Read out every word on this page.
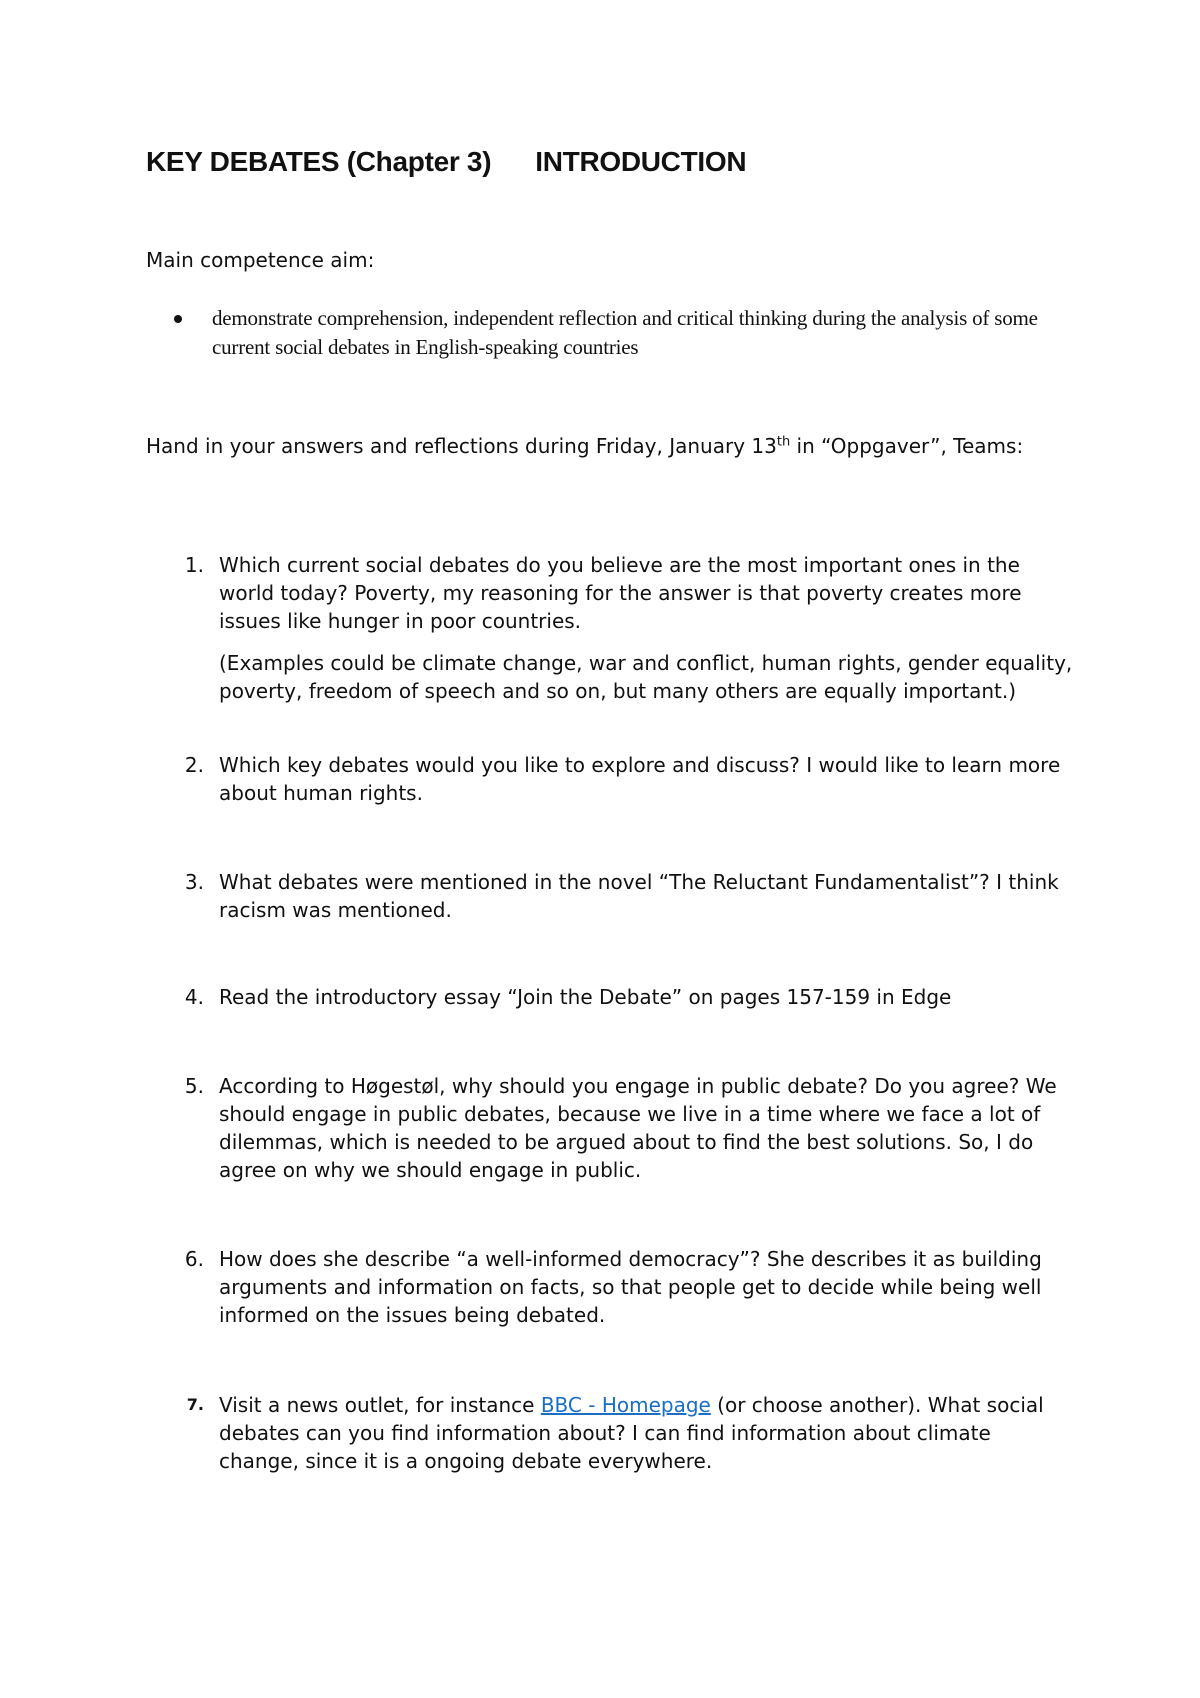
KEY DEBATES (Chapter 3) INTRODUCTION

Main competence aim:

demonstrate comprehension, independent reflection and critical thinking during the analysis of some current social debates in English-speaking countries

Hand in your answers and reflections during Friday, January 13th in “Oppgaver”, Teams:

1. Which current social debates do you believe are the most important ones in the world today? Poverty, my reasoning for the answer is that poverty creates more issues like hunger in poor countries.
(Examples could be climate change, war and conflict, human rights, gender equality, poverty, freedom of speech and so on, but many others are equally important.)
2. Which key debates would you like to explore and discuss? I would like to learn more about human rights.
3. What debates were mentioned in the novel “The Reluctant Fundamentalist”? I think racism was mentioned.
4. Read the introductory essay “Join the Debate” on pages 157-159 in Edge
5. According to Høgestøl, why should you engage in public debate? Do you agree? We should engage in public debates, because we live in a time where we face a lot of dilemmas, which is needed to be argued about to find the best solutions. So, I do agree on why we should engage in public.
6. How does she describe “a well-informed democracy”? She describes it as building arguments and information on facts, so that people get to decide while being well informed on the issues being debated.
7. Visit a news outlet, for instance BBC - Homepage (or choose another). What social debates can you find information about? I can find information about climate change, since it is a ongoing debate everywhere.
